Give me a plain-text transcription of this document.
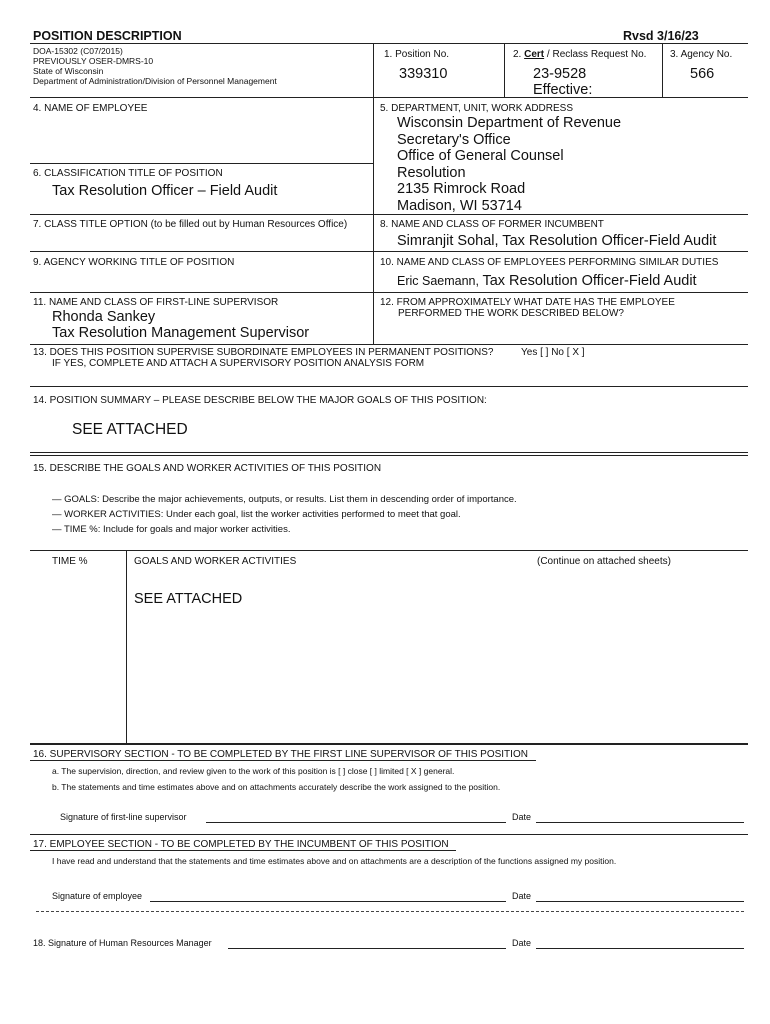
POSITION DESCRIPTION	Rvsd 3/16/23
DOA-15302 (C07/2015)
PREVIOUSLY OSER-DMRS-10
State of Wisconsin
Department of Administration/Division of Personnel Management
1. Position No.
339310
2. Cert / Reclass Request No.
23-9528
Effective:
3. Agency No.
566
4. NAME OF EMPLOYEE	5. DEPARTMENT, UNIT, WORK ADDRESS
Wisconsin Department of Revenue
Secretary's Office
Office of General Counsel
Resolution
2135 Rimrock Road
Madison, WI 53714
6. CLASSIFICATION TITLE OF POSITION
Tax Resolution Officer – Field Audit
7. CLASS TITLE OPTION (to be filled out by Human Resources Office)	8. NAME AND CLASS OF FORMER INCUMBENT
Simranjit Sohal, Tax Resolution Officer-Field Audit
9. AGENCY WORKING TITLE OF POSITION	10. NAME AND CLASS OF EMPLOYEES PERFORMING SIMILAR DUTIES
Eric Saemann, Tax Resolution Officer-Field Audit
11. NAME AND CLASS OF FIRST-LINE SUPERVISOR
Rhonda Sankey
Tax Resolution Management Supervisor
12. FROM APPROXIMATELY WHAT DATE HAS THE EMPLOYEE
PERFORMED THE WORK DESCRIBED BELOW?
13. DOES THIS POSITION SUPERVISE SUBORDINATE EMPLOYEES IN PERMANENT POSITIONS?	Yes [ ] No [ X ]
IF YES, COMPLETE AND ATTACH A SUPERVISORY POSITION ANALYSIS FORM
14. POSITION SUMMARY – PLEASE DESCRIBE BELOW THE MAJOR GOALS OF THIS POSITION:
SEE ATTACHED
15. DESCRIBE THE GOALS AND WORKER ACTIVITIES OF THIS POSITION
— GOALS: Describe the major achievements, outputs, or results. List them in descending order of importance.
— WORKER ACTIVITIES: Under each goal, list the worker activities performed to meet that goal.
— TIME %: Include for goals and major worker activities.
TIME %	GOALS AND WORKER ACTIVITIES	(Continue on attached sheets)
SEE ATTACHED
16. SUPERVISORY SECTION - TO BE COMPLETED BY THE FIRST LINE SUPERVISOR OF THIS POSITION
a. The supervision, direction, and review given to the work of this position is [ ] close [ ] limited [ X ] general.
b. The statements and time estimates above and on attachments accurately describe the work assigned to the position.
Signature of first-line supervisor	Date
17. EMPLOYEE SECTION - TO BE COMPLETED BY THE INCUMBENT OF THIS POSITION
I have read and understand that the statements and time estimates above and on attachments are a description of the functions assigned my position.
Signature of employee	Date
18. Signature of Human Resources Manager	Date
